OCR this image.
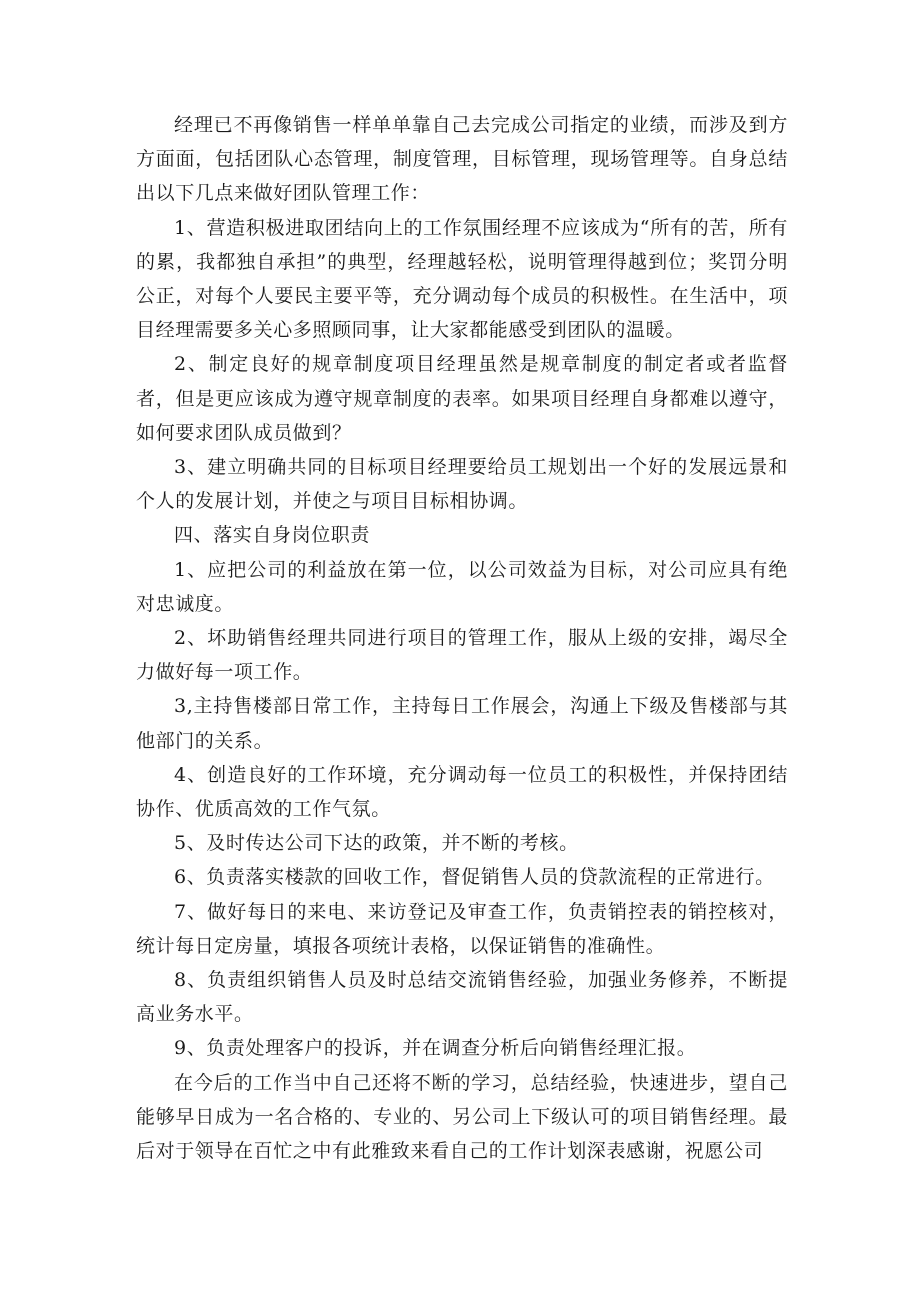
经理已不再像销售一样单单靠自己去完成公司指定的业绩，而涉及到方方面面，包括团队心态管理，制度管理，目标管理，现场管理等。自身总结出以下几点来做好团队管理工作：

1、营造积极进取团结向上的工作氛围经理不应该成为“所有的苦，所有的累，我都独自承担”的典型，经理越轻松，说明管理得越到位；奖罚分明公正，对每个人要民主要平等，充分调动每个成员的积极性。在生活中，项目经理需要多关心多照顾同事，让大家都能感受到团队的温暖。

2、制定良好的规章制度项目经理虽然是规章制度的制定者或者监督者，但是更应该成为遵守规章制度的表率。如果项目经理自身都难以遵守，如何要求团队成员做到？

3、建立明确共同的目标项目经理要给员工规划出一个好的发展远景和个人的发展计划，并使之与项目目标相协调。

四、落实自身岗位职责

1、应把公司的利益放在第一位，以公司效益为目标，对公司应具有绝对忠诚度。

2、坏助销售经理共同进行项目的管理工作，服从上级的安排，竭尽全力做好每一项工作。

3,主持售楼部日常工作，主持每日工作展会，沟通上下级及售楼部与其他部门的关系。

4、创造良好的工作环境，充分调动每一位员工的积极性，并保持团结协作、优质高效的工作气氛。

5、及时传达公司下达的政策，并不断的考核。

6、负责落实楼款的回收工作，督促销售人员的贷款流程的正常进行。

7、做好每日的来电、来访登记及审查工作，负责销控表的销控核对，统计每日定房量，填报各项统计表格，以保证销售的准确性。

8、负责组织销售人员及时总结交流销售经验，加强业务修养，不断提高业务水平。

9、负责处理客户的投诉，并在调查分析后向销售经理汇报。

在今后的工作当中自己还将不断的学习，总结经验，快速进步，望自己能够早日成为一名合格的、专业的、另公司上下级认可的项目销售经理。最后对于领导在百忙之中有此雅致来看自己的工作计划深表感谢，祝愿公司
